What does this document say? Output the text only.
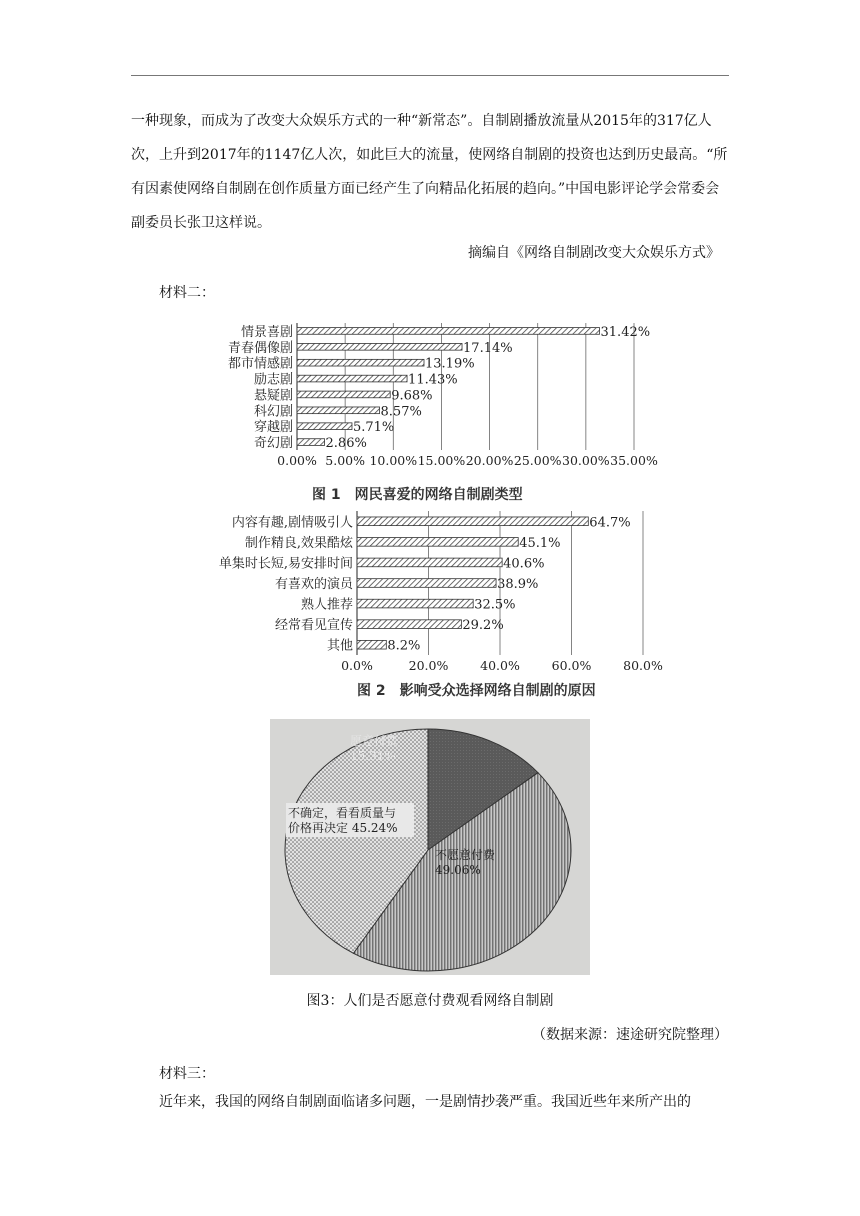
一种现象，而成为了改变大众娱乐方式的一种“新常态”。自制剧播放流量从2015年的317亿人次，上升到2017年的1147亿人次，如此巨大的流量，使网络自制剧的投资也达到历史最高。“所有因素使网络自制剧在创作质量方面已经产生了向精品化拓展的趋向。”中国电影评论学会常委会副委员长张卫这样说。

摘编自《网络自制剧改变大众娱乐方式》
材料二：
0.00% 5.00% 10.00% 15.00% 20.00% 25.00% 30.00% 35.00%
情景喜剧	31.42%
青春偶像剧	17.14%
都市情感剧	13.19%
励志剧	11.43%
悬疑剧	9.68%
科幻剧	8.57%
穿越剧	5.71%
奇幻剧	2.86%
图 1　网民喜爱的网络自制剧类型
0.0%	20.0%	40.0%	60.0%	80.0%
内容有趣,剧情吸引人	64.7%
制作精良,效果酷炫	45.1%
单集时长短,易安排时间	40.6%
有喜欢的演员	38.9%
熟人推荐	32.5%
经常看见宣传	29.2%
其他	8.2%
图 2　影响受众选择网络自制剧的原因
愿意付费
15.31%
不愿意付费
49.06%
不确定，看看质量与
价格再决定 45.24%
图3：人们是否愿意付费观看网络自制剧
（数据来源：速途研究院整理）
材料三：

近年来，我国的网络自制剧面临诸多问题，一是剧情抄袭严重。我国近些年来所产出的
